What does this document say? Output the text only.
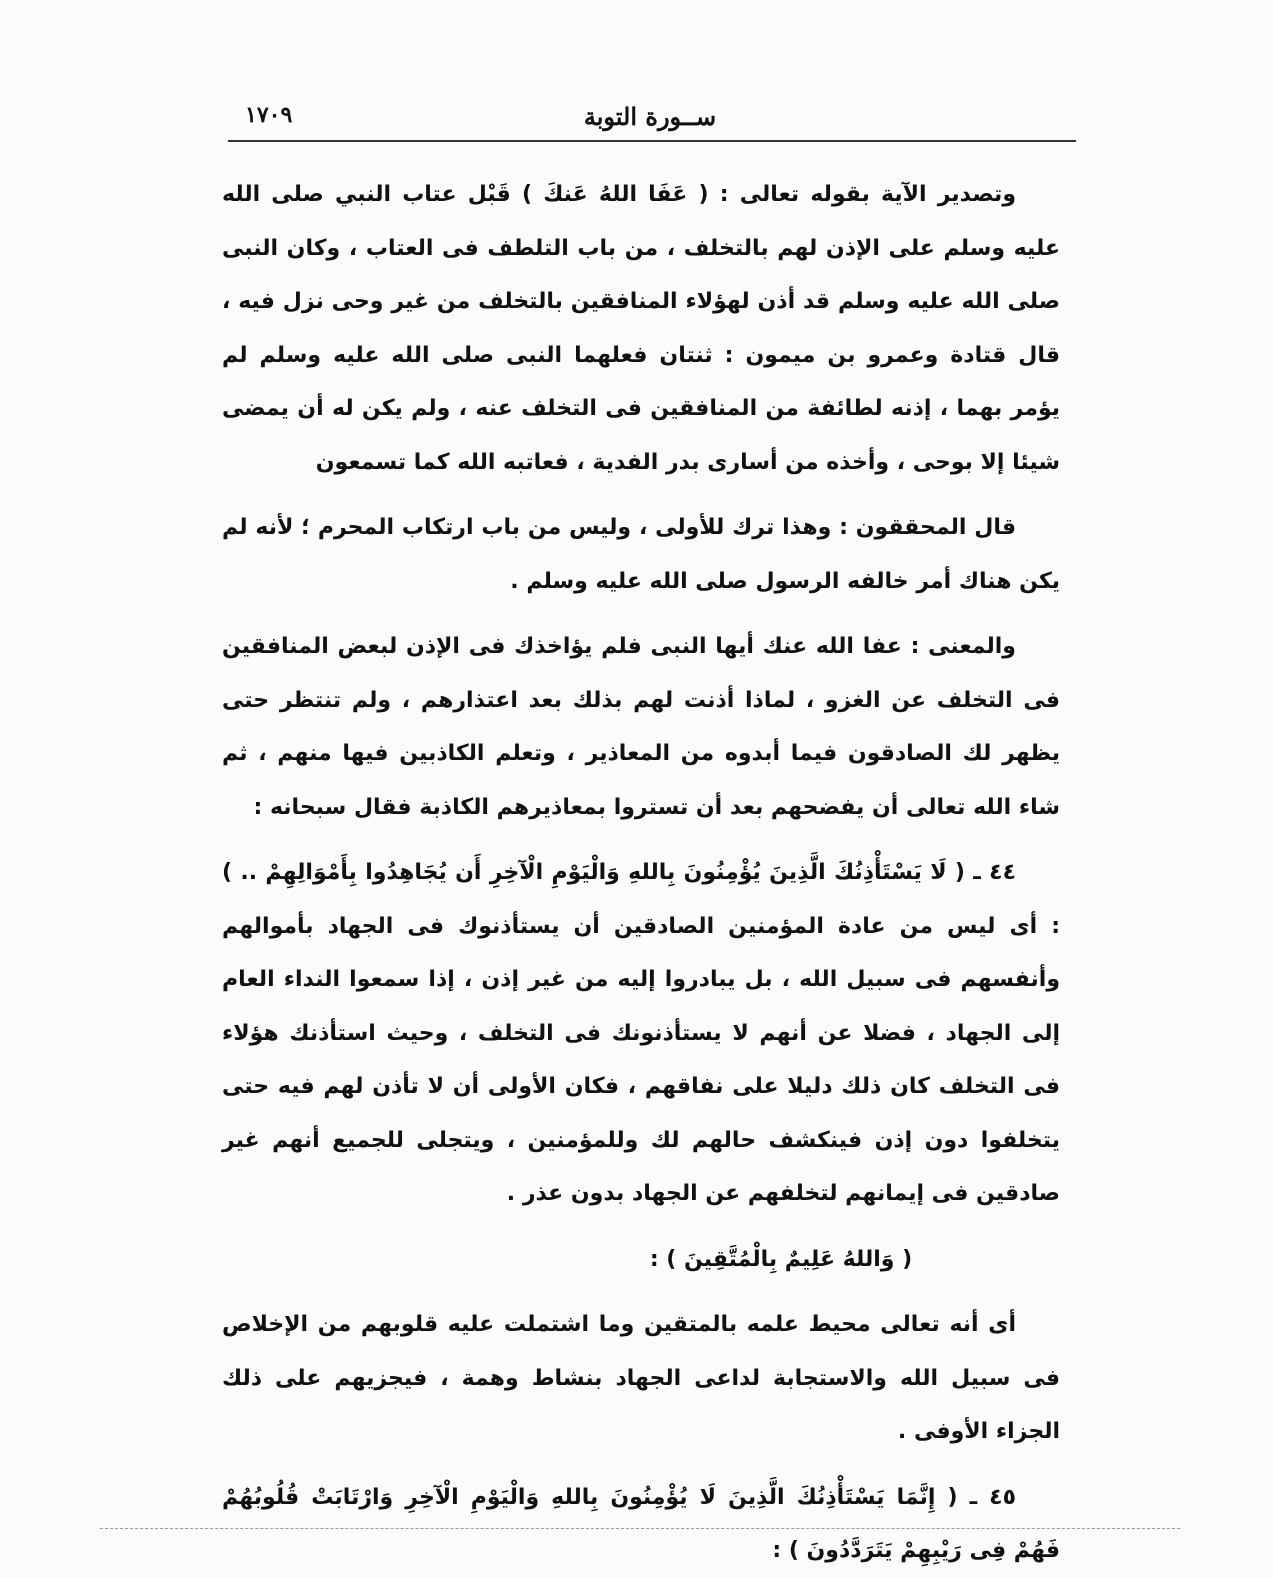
ســورة التوبة
١٧٠٩

وتصدير الآية بقوله تعالى : ( عَفَا اللهُ عَنكَ ) قَبْل عتاب النبي صلى الله عليه وسلم على الإذن لهم بالتخلف ، من باب التلطف فى العتاب ، وكان النبى صلى الله عليه وسلم قد أذن لهؤلاء المنافقين بالتخلف من غير وحى نزل فيه ، قال قتادة وعمرو بن ميمون : ثنتان فعلهما النبى صلى الله عليه وسلم لم يؤمر بهما ، إذنه لطائفة من المنافقين فى التخلف عنه ، ولم يكن له أن يمضى شيئا إلا بوحى ، وأخذه من أسارى بدر الفدية ، فعاتبه الله كما تسمعون

قال المحققون : وهذا ترك للأولى ، وليس من باب ارتكاب المحرم ؛ لأنه لم يكن هناك أمر خالفه الرسول صلى الله عليه وسلم .

والمعنى : عفا الله عنك أيها النبى فلم يؤاخذك فى الإذن لبعض المنافقين فى التخلف عن الغزو ، لماذا أذنت لهم بذلك بعد اعتذارهم ، ولم تنتظر حتى يظهر لك الصادقون فيما أبدوه من المعاذير ، وتعلم الكاذبين فيها منهم ، ثم شاء الله تعالى أن يفضحهم بعد أن تستروا بمعاذيرهم الكاذبة فقال سبحانه :

٤٤ ـ ( لَا يَسْتَأْذِنُكَ الَّذِينَ يُؤْمِنُونَ بِاللهِ وَالْيَوْمِ الْآخِرِ أَن يُجَاهِدُوا بِأَمْوَالِهِمْ .. ) : أى ليس من عادة المؤمنين الصادقين أن يستأذنوك فى الجهاد بأموالهم وأنفسهم فى سبيل الله ، بل يبادروا إليه من غير إذن ، إذا سمعوا النداء العام إلى الجهاد ، فضلا عن أنهم لا يستأذنونك فى التخلف ، وحيث استأذنك هؤلاء فى التخلف كان ذلك دليلا على نفاقهم ، فكان الأولى أن لا تأذن لهم فيه حتى يتخلفوا دون إذن فينكشف حالهم لك وللمؤمنين ، ويتجلى للجميع أنهم غير صادقين فى إيمانهم لتخلفهم عن الجهاد بدون عذر .

( وَاللهُ عَلِيمٌ بِالْمُتَّقِينَ ) :

أى أنه تعالى محيط علمه بالمتقين وما اشتملت عليه قلوبهم من الإخلاص فى سبيل الله والاستجابة لداعى الجهاد بنشاط وهمة ، فيجزيهم على ذلك الجزاء الأوفى .

٤٥ ـ ( إِنَّمَا يَسْتَأْذِنُكَ الَّذِينَ لَا يُؤْمِنُونَ بِاللهِ وَالْيَوْمِ الْآخِرِ وَارْتَابَتْ قُلُوبُهُمْ فَهُمْ فِى رَيْبِهِمْ يَتَرَدَّدُونَ ) :
